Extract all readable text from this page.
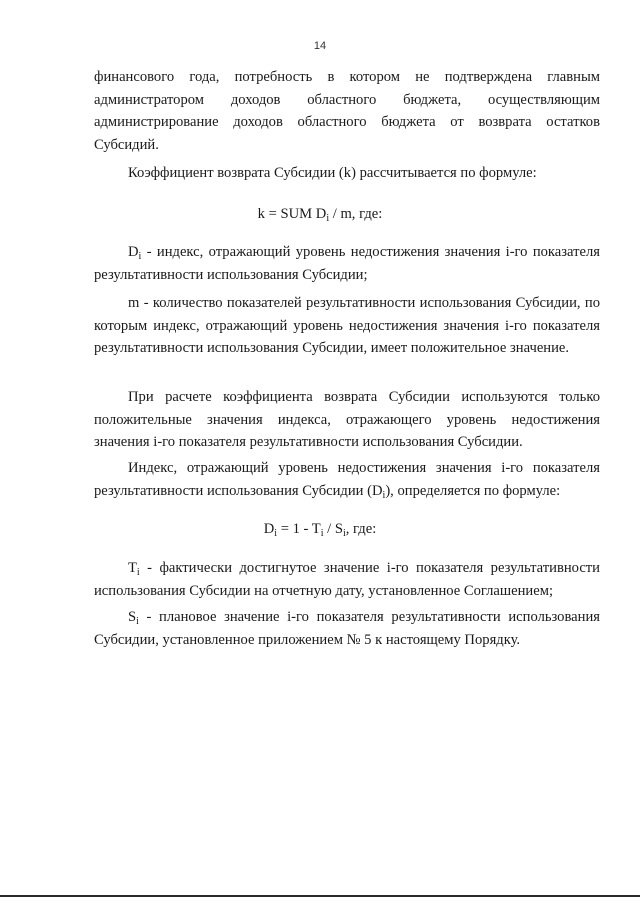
14

финансового года, потребность в котором не подтверждена главным администратором доходов областного бюджета, осуществляющим администрирование доходов областного бюджета от возврата остатков Субсидий.

Коэффициент возврата Субсидии (k) рассчитывается по формуле:

k = SUM $D_i$ / m, где:

$D_i$ - индекс, отражающий уровень недостижения значения i-го показателя результативности использования Субсидии;

m - количество показателей результативности использования Субсидии, по которым индекс, отражающий уровень недостижения значения i-го показателя результативности использования Субсидии, имеет положительное значение.

При расчете коэффициента возврата Субсидии используются только положительные значения индекса, отражающего уровень недостижения значения i-го показателя результативности использования Субсидии.

Индекс, отражающий уровень недостижения значения i-го показателя результативности использования Субсидии $(D_i)$, определяется по формуле:

$D_i = 1 - T_i / S_i$, где:

$T_i$ - фактически достигнутое значение i-го показателя результативности использования Субсидии на отчетную дату, установленное Соглашением;

$S_i$ - плановое значение i-го показателя результативности использования Субсидии, установленное приложением № 5 к настоящему Порядку.
